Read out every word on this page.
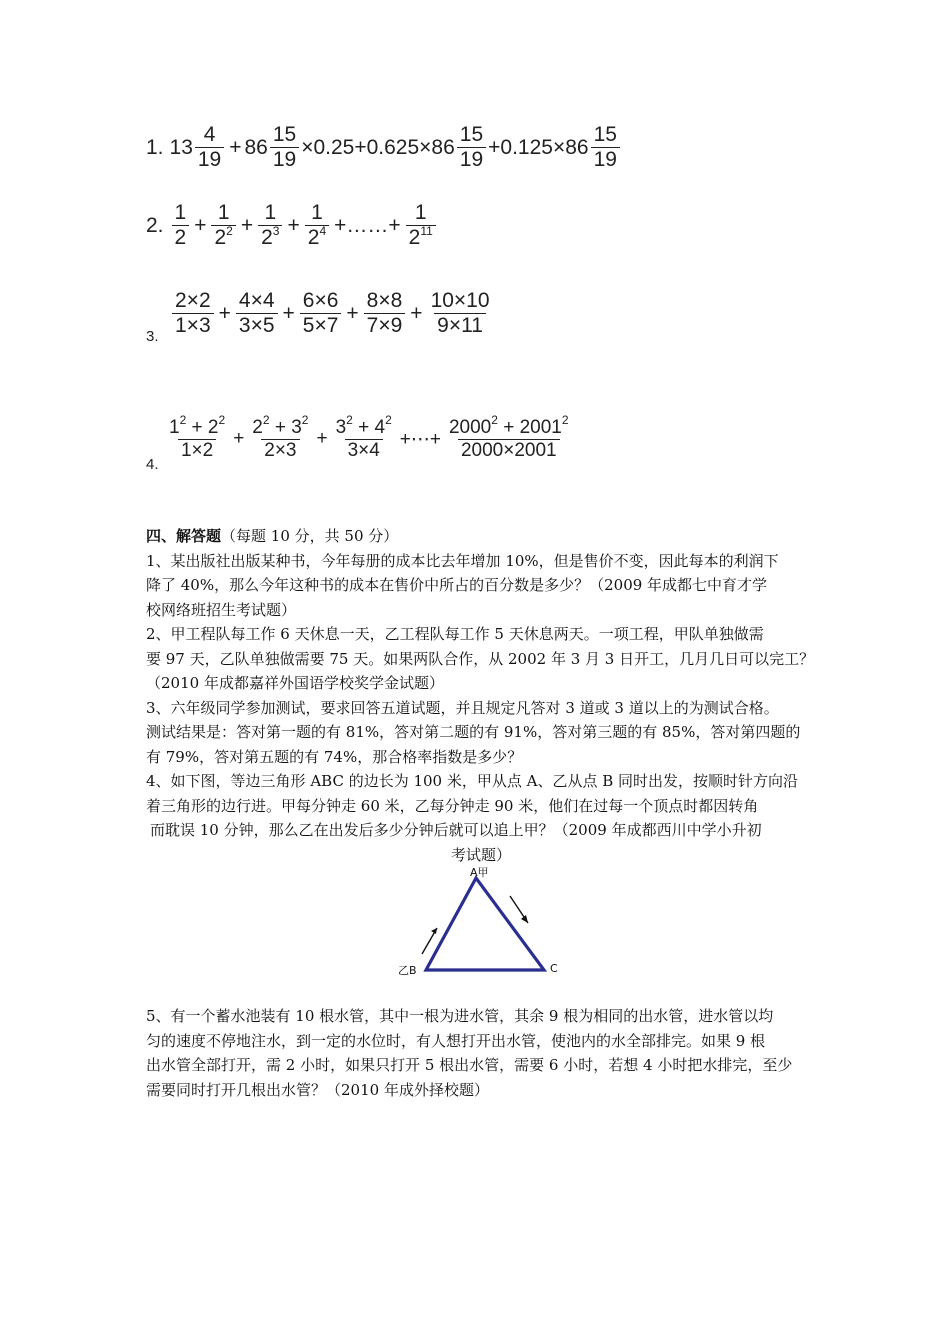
1. $13 \frac{4}{19} + 86 \frac{15}{19} \times 0.25+0.625\times 86 \frac{15}{19} +0.125\times 86 \frac{15}{19}$
2. $\frac{1}{2} + \frac{1}{2^2} + \frac{1}{2^3} + \frac{1}{2^4}$ +……+ $\frac{1}{2^{11}}$
$\frac{2\times 2}{1\times 3} + \frac{4\times 4}{3\times 5} + \frac{6\times 6}{5\times 7} + \frac{8\times 8}{7\times 9} + \frac{10\times 10}{9\times 11}$
3.
$\frac{1^2 + 2^2}{1\times 2} + \frac{2^2 + 3^2}{2\times 3} + \frac{3^2 + 4^2}{3\times 4}$ +⋯+ $\frac{2000^2 + 2001^2}{2000\times 2001}$
4.

四、解答题（每题 10 分，共 50 分）

1、某出版社出版某种书，今年每册的成本比去年增加 10%，但是售价不变，因此每本的利润下

降了 40%，那么今年这种书的成本在售价中所占的百分数是多少？（2009 年成都七中育才学

校网络班招生考试题）

2、甲工程队每工作 6 天休息一天，乙工程队每工作 5 天休息两天。一项工程，甲队单独做需

要 97 天，乙队单独做需要 75 天。如果两队合作，从 2002 年 3 月 3 日开工，几月几日可以完工？

（2010 年成都嘉祥外国语学校奖学金试题）

3、六年级同学参加测试，要求回答五道试题，并且规定凡答对 3 道或 3 道以上的为测试合格。

测试结果是：答对第一题的有 81%，答对第二题的有 91%，答对第三题的有 85%，答对第四题的

有 79%，答对第五题的有 74%，那合格率指数是多少？

4、如下图，等边三角形 ABC 的边长为 100 米，甲从点 A、乙从点 B 同时出发，按顺时针方向沿

着三角形的边行进。甲每分钟走 60 米，乙每分钟走 90 米，他们在过每一个顶点时都因转角

而耽误 10 分钟，那么乙在出发后多少分钟后就可以追上甲？（2009 年成都西川中学小升初

考试题）

A甲
乙B	C

5、有一个蓄水池装有 10 根水管，其中一根为进水管，其余 9 根为相同的出水管，进水管以均

匀的速度不停地注水，到一定的水位时，有人想打开出水管，使池内的水全部排完。如果 9 根

出水管全部打开，需 2 小时，如果只打开 5 根出水管，需要 6 小时，若想 4 小时把水排完，至少

需要同时打开几根出水管？（2010 年成外择校题）
